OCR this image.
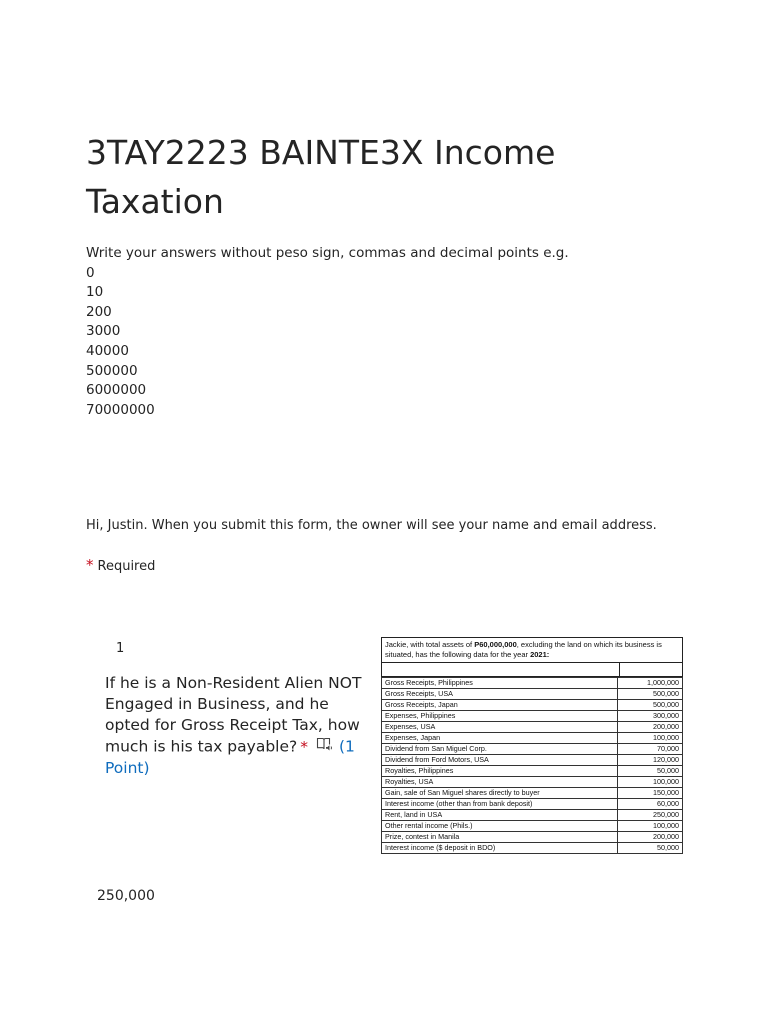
3TAY2223 BAINTE3X Income Taxation
Write your answers without peso sign, commas and decimal points e.g.
0
10
200
3000
40000
500000
6000000
70000000
Hi, Justin. When you submit this form, the owner will see your name and email address.
* Required
1
If he is a Non-Resident Alien NOT Engaged in Business, and he opted for Gross Receipt Tax, how much is his tax payable? * (1 Point)
Jackie, with total assets of P60,000,000, excluding the land on which its business is situated, has the following data for the year 2021:
Gross Receipts, Philippines	1,000,000
Gross Receipts, USA	500,000
Gross Receipts, Japan	500,000
Expenses, Philippines	300,000
Expenses, USA	200,000
Expenses, Japan	100,000
Dividend from San Miguel Corp.	70,000
Dividend from Ford Motors, USA	120,000
Royalties, Philippines	50,000
Royalties, USA	100,000
Gain, sale of San Miguel shares directly to buyer	150,000
Interest income (other than from bank deposit)	60,000
Rent, land in USA	250,000
Other rental income (Phils.)	100,000
Prize, contest in Manila	200,000
Interest income ($ deposit in BDO)	50,000
250,000
